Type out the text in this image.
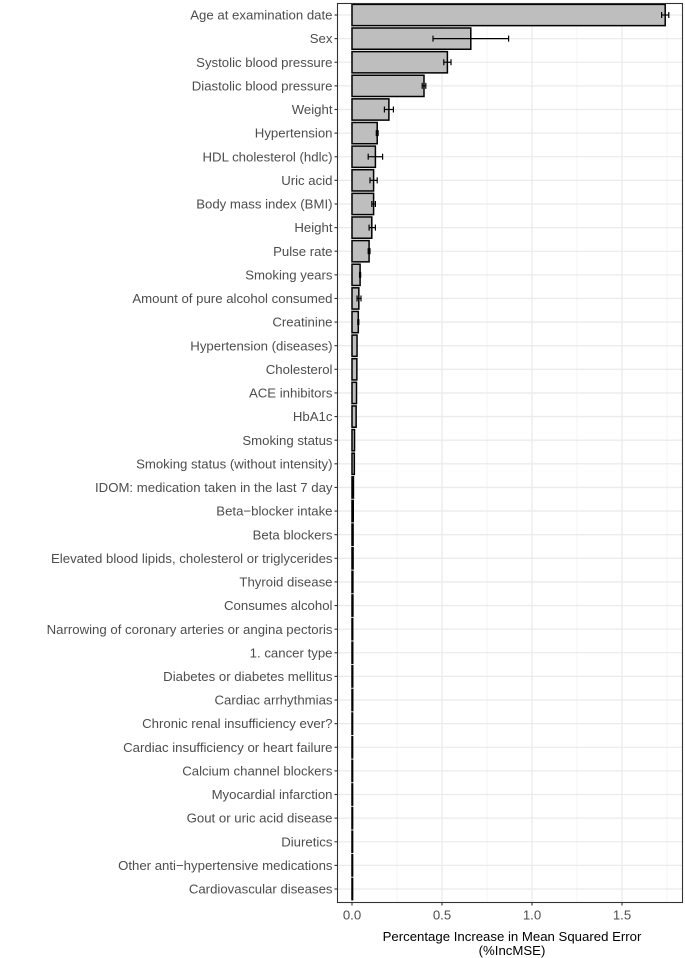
Age at examination date
Sex
Systolic blood pressure
Diastolic blood pressure
Weight
Hypertension
HDL cholesterol (hdlc)
Uric acid
Body mass index (BMI)
Height
Pulse rate
Smoking years
Amount of pure alcohol consumed
Creatinine
Hypertension (diseases)
Cholesterol
ACE inhibitors
HbA1c
Smoking status
Smoking status (without intensity)
IDOM: medication taken in the last 7 day
Beta−blocker intake
Beta blockers
Elevated blood lipids, cholesterol or triglycerides
Thyroid disease
Consumes alcohol
Narrowing of coronary arteries or angina pectoris
1. cancer type
Diabetes or diabetes mellitus
Cardiac arrhythmias
Chronic renal insufficiency ever?
Cardiac insufficiency or heart failure
Calcium channel blockers
Myocardial infarction
Gout or uric acid disease
Diuretics
Other anti−hypertensive medications
Cardiovascular diseases
0.0	0.5	1.0	1.5
Percentage Increase in Mean Squared Error
(%IncMSE)
